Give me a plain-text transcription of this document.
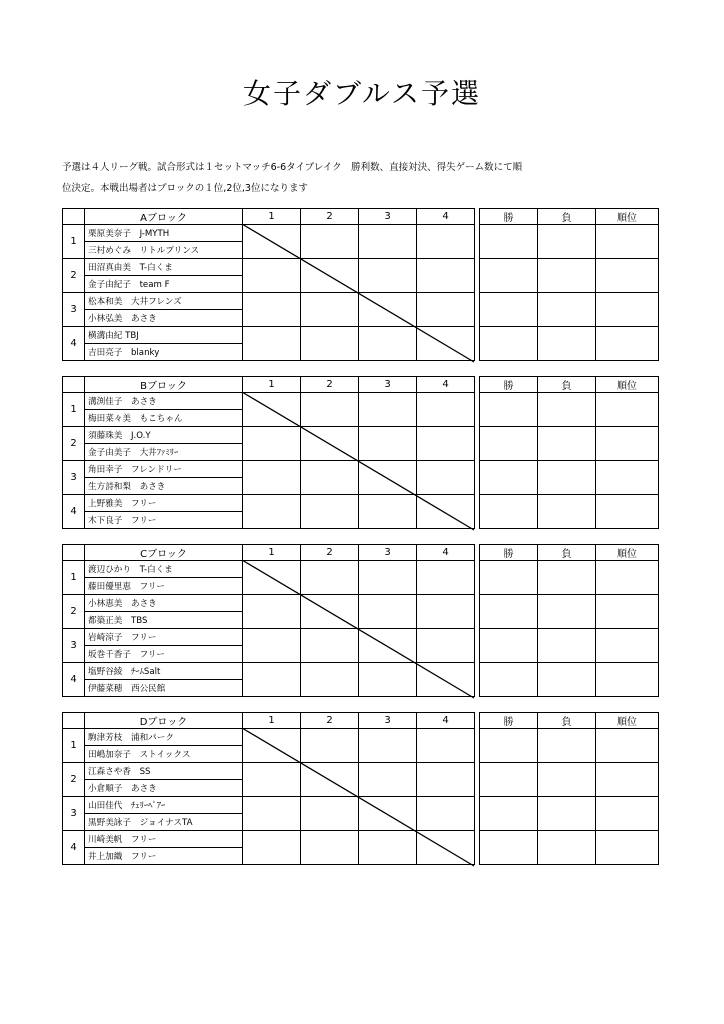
女子ダブルス予選
予選は４人リーグ戦。試合形式は１セットマッチ6-6タイブレイク　勝利数、直接対決、得失ゲーム数にて順
位決定。本戦出場者はブロックの１位,2位,3位になります
	Aブロック	1	2	3	4		勝	負	順位
1	栗原美奈子　J-MYTH								
	三村めぐみ　リトルプリンス								
2	田沼真由美　T-白くま								
	金子由紀子　team F								
3	松本和美　大井フレンズ								
	小林弘美　あさき								
4	横溝由紀 TBJ								
	吉田亮子　blanky								
	Bブロック	1	2	3	4		勝	負	順位
1	溝渕佳子　あさき								
	梅田菜々美　もこちゃん								
2	須藤珠美　J.O.Y								
	金子由美子　大井ﾌｧﾐﾘｰ								
3	角田幸子　フレンドリー								
	生方詩和梨　あさき								
4	上野雅美　フリー								
	木下良子　フリー								
	Cブロック	1	2	3	4		勝	負	順位
1	渡辺ひかり　T-白くま								
	藤田優里恵　フリー								
2	小林恵美　あさき								
	都築正美　TBS								
3	岩崎涼子　フリー								
	坂巻千香子　フリー								
4	塩野谷綾　ﾁｰﾑSalt								
	伊藤菜穂　西公民館								
	Dブロック	1	2	3	4		勝	負	順位
1	駒津芳枝　浦和パーク								
	田嶋加奈子　ストイックス								
2	江森さや香　SS								
	小倉順子　あさき								
3	山田佳代　ﾁｪﾘｰﾍﾟｱｰ								
	黒野美詠子　ジョイナスTA								
4	川崎美帆　フリー								
	井上加織　フリー								
